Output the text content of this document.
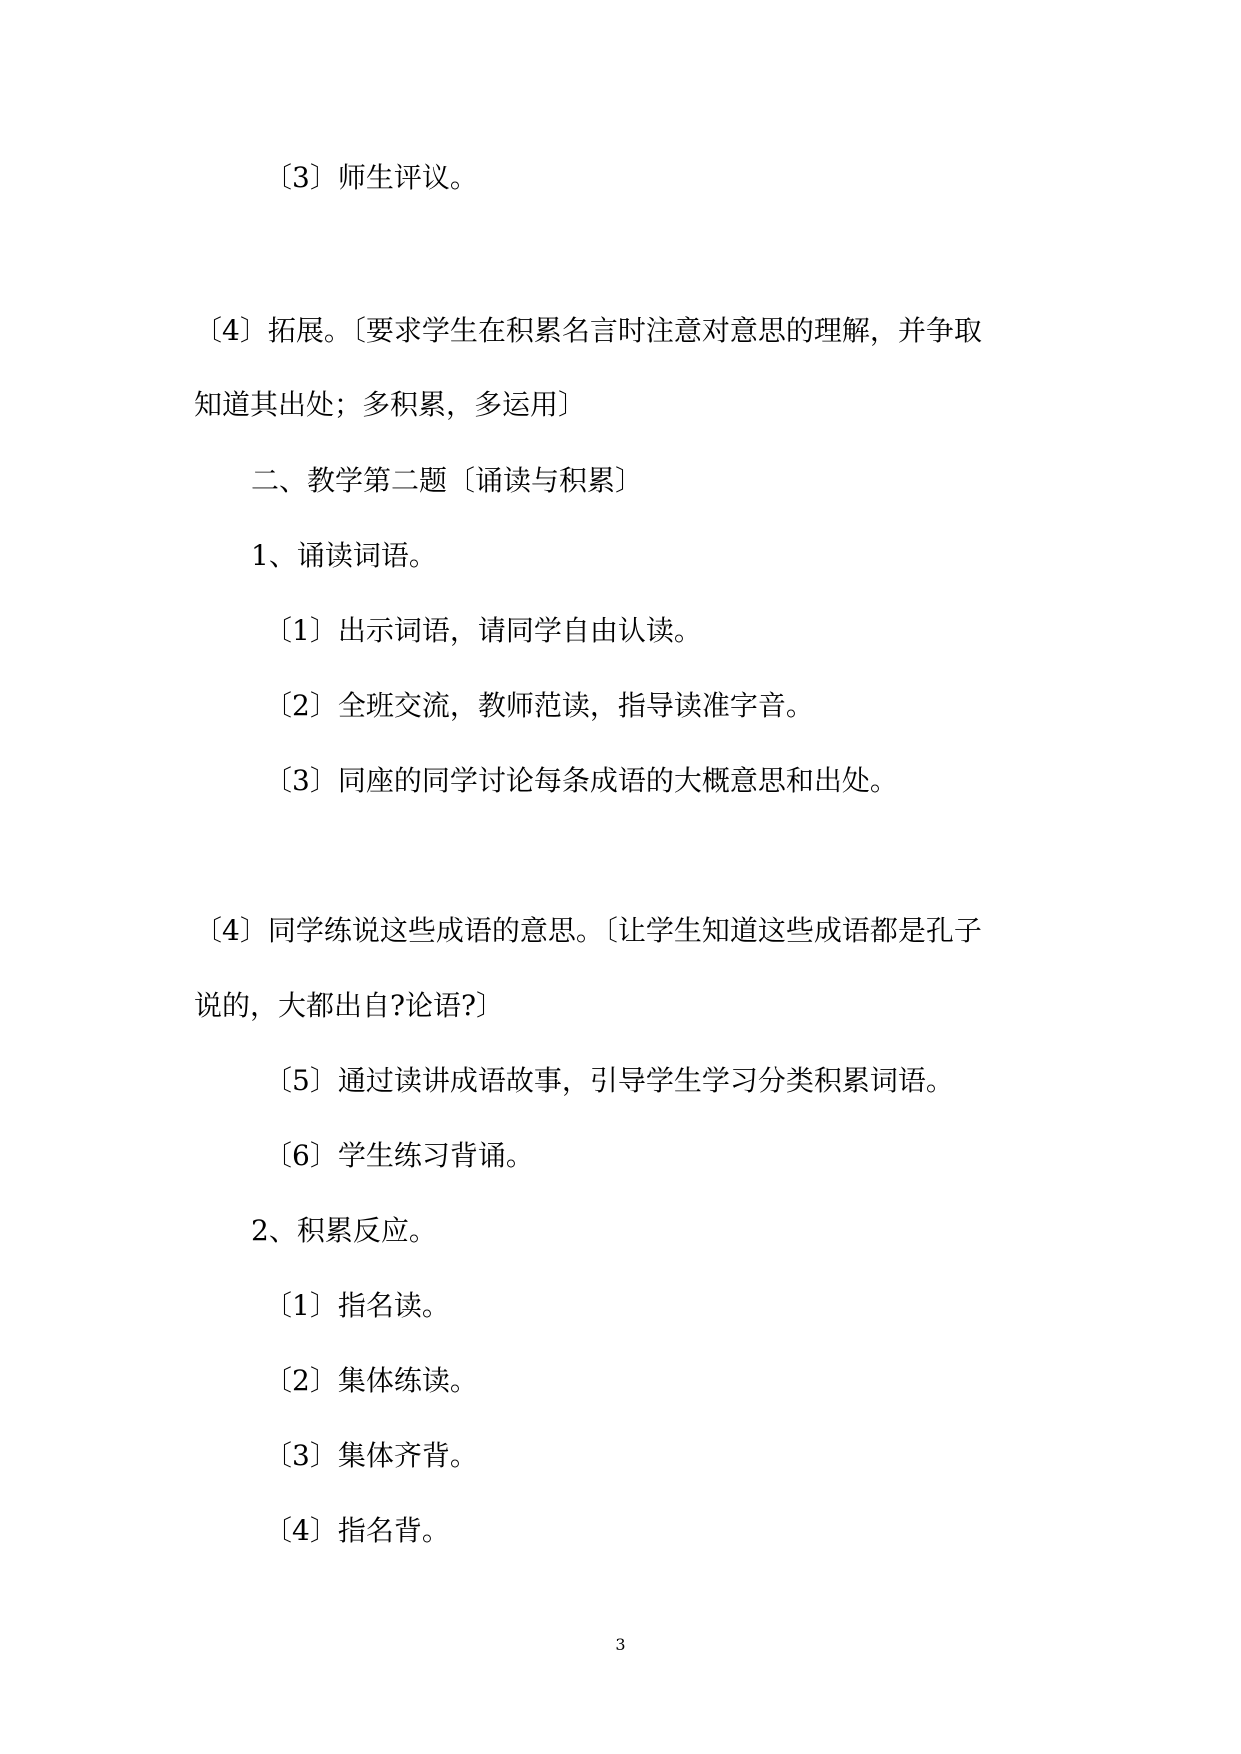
〔3〕师生评议。
〔4〕拓展。〔要求学生在积累名言时注意对意思的理解，并争取
知道其出处；多积累，多运用〕
二、教学第二题〔诵读与积累〕
1、诵读词语。
〔1〕出示词语，请同学自由认读。
〔2〕全班交流，教师范读，指导读准字音。
〔3〕同座的同学讨论每条成语的大概意思和出处。
〔4〕同学练说这些成语的意思。〔让学生知道这些成语都是孔子
说的，大都出自?论语?〕
〔5〕通过读讲成语故事，引导学生学习分类积累词语。
〔6〕学生练习背诵。
2、积累反应。
〔1〕指名读。
〔2〕集体练读。
〔3〕集体齐背。
〔4〕指名背。
3
